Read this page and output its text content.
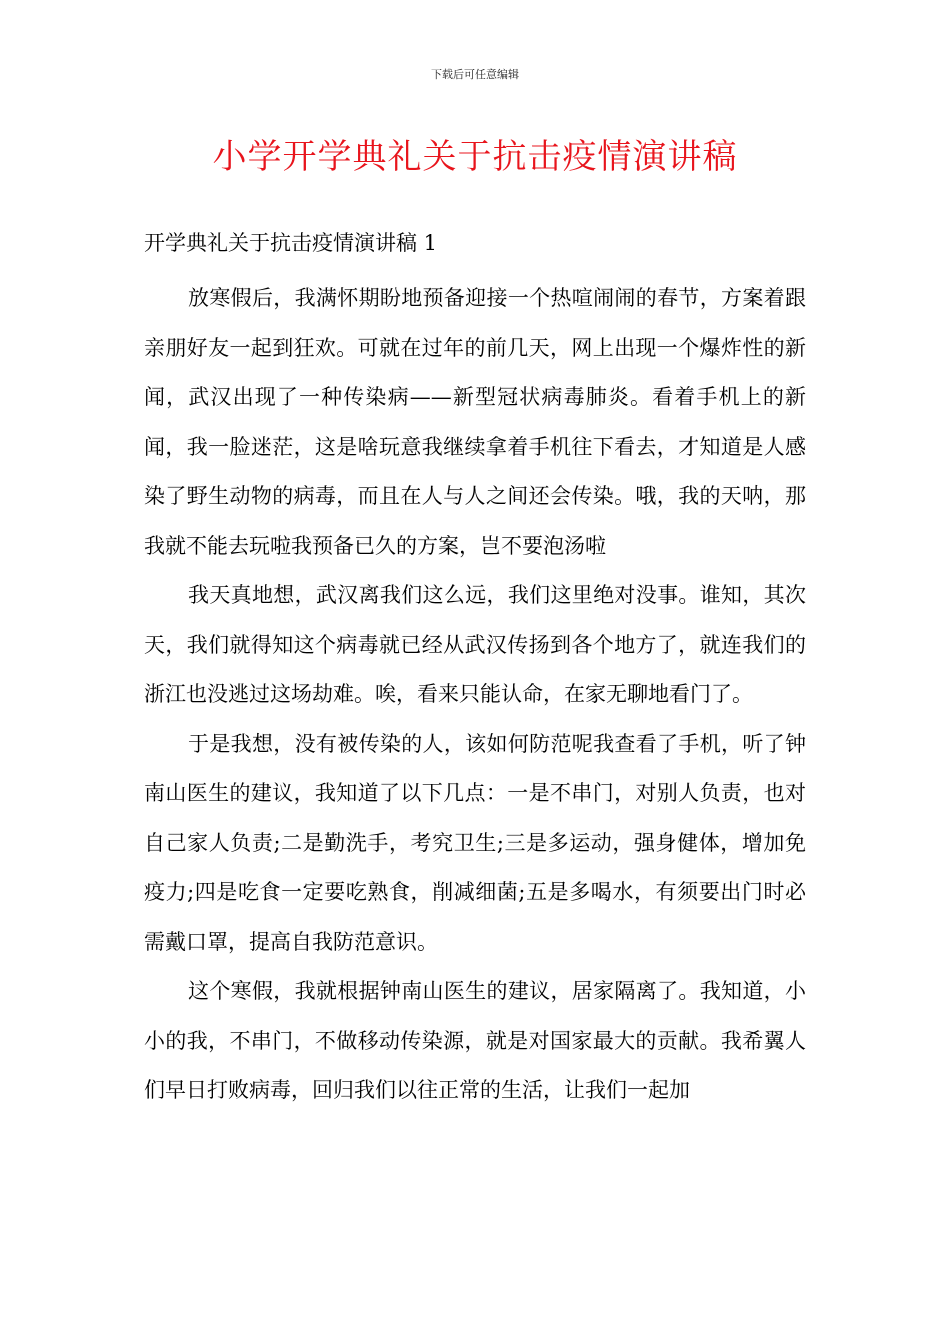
下载后可任意编辑
小学开学典礼关于抗击疫情演讲稿
开学典礼关于抗击疫情演讲稿 1

放寒假后，我满怀期盼地预备迎接一个热喧闹闹的春节，方案着跟亲朋好友一起到狂欢。可就在过年的前几天，网上出现一个爆炸性的新闻，武汉出现了一种传染病——新型冠状病毒肺炎。看着手机上的新闻，我一脸迷茫，这是啥玩意我继续拿着手机往下看去，才知道是人感染了野生动物的病毒，而且在人与人之间还会传染。哦，我的天呐，那我就不能去玩啦我预备已久的方案，岂不要泡汤啦

我天真地想，武汉离我们这么远，我们这里绝对没事。谁知，其次天，我们就得知这个病毒就已经从武汉传扬到各个地方了，就连我们的浙江也没逃过这场劫难。唉，看来只能认命，在家无聊地看门了。

于是我想，没有被传染的人，该如何防范呢我查看了手机，听了钟南山医生的建议，我知道了以下几点：一是不串门，对别人负责，也对自己家人负责;二是勤洗手，考究卫生;三是多运动，强身健体，增加免疫力;四是吃食一定要吃熟食，削减细菌;五是多喝水，有须要出门时必需戴口罩，提高自我防范意识。

这个寒假，我就根据钟南山医生的建议，居家隔离了。我知道，小小的我，不串门，不做移动传染源，就是对国家最大的贡献。我希翼人们早日打败病毒，回归我们以往正常的生活，让我们一起加
